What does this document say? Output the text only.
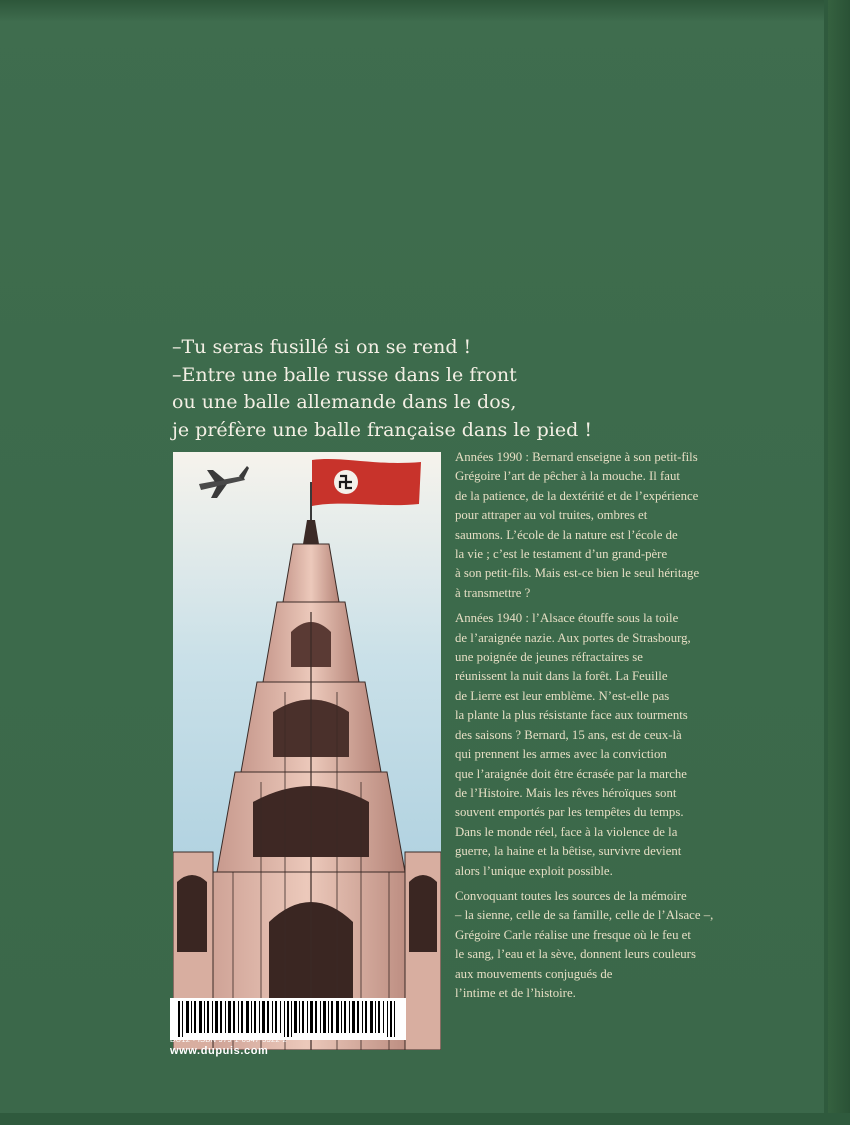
–Tu seras fusillé si on se rend !
–Entre une balle russe dans le front
ou une balle allemande dans le dos,
je préfère une balle française dans le pied !

Années 1990 : Bernard enseigne à son petit-fils
Grégoire l’art de pêcher à la mouche. Il faut
de la patience, de la dextérité et de l’expérience
pour attraper au vol truites, ombres et
saumons. L’école de la nature est l’école de
la vie ; c’est le testament d’un grand-père
à son petit-fils. Mais est-ce bien le seul héritage
à transmettre ?

Années 1940 : l’Alsace étouffe sous la toile
de l’araignée nazie. Aux portes de Strasbourg,
une poignée de jeunes réfractaires se
réunissent la nuit dans la forêt. La Feuille
de Lierre est leur emblème. N’est-elle pas
la plante la plus résistante face aux tourments
des saisons ? Bernard, 15 ans, est de ceux-là
qui prennent les armes avec la conviction
que l’araignée doit être écrasée par la marche
de l’Histoire. Mais les rêves héroïques sont
souvent emportés par les tempêtes du temps.
Dans le monde réel, face à la violence de la
guerre, la haine et la bêtise, survivre devient
alors l’unique exploit possible.

Convoquant toutes les sources de la mémoire
– la sienne, celle de sa famille, celle de l’Alsace –,
Grégoire Carle réalise une fresque où le feu et
le sang, l’eau et la sève, donnent leurs couleurs
aux mouvements conjugués de
l’intime et de l’histoire.

DU12 • ISBN 979-1-0347-5322-2
www.dupuis.com
